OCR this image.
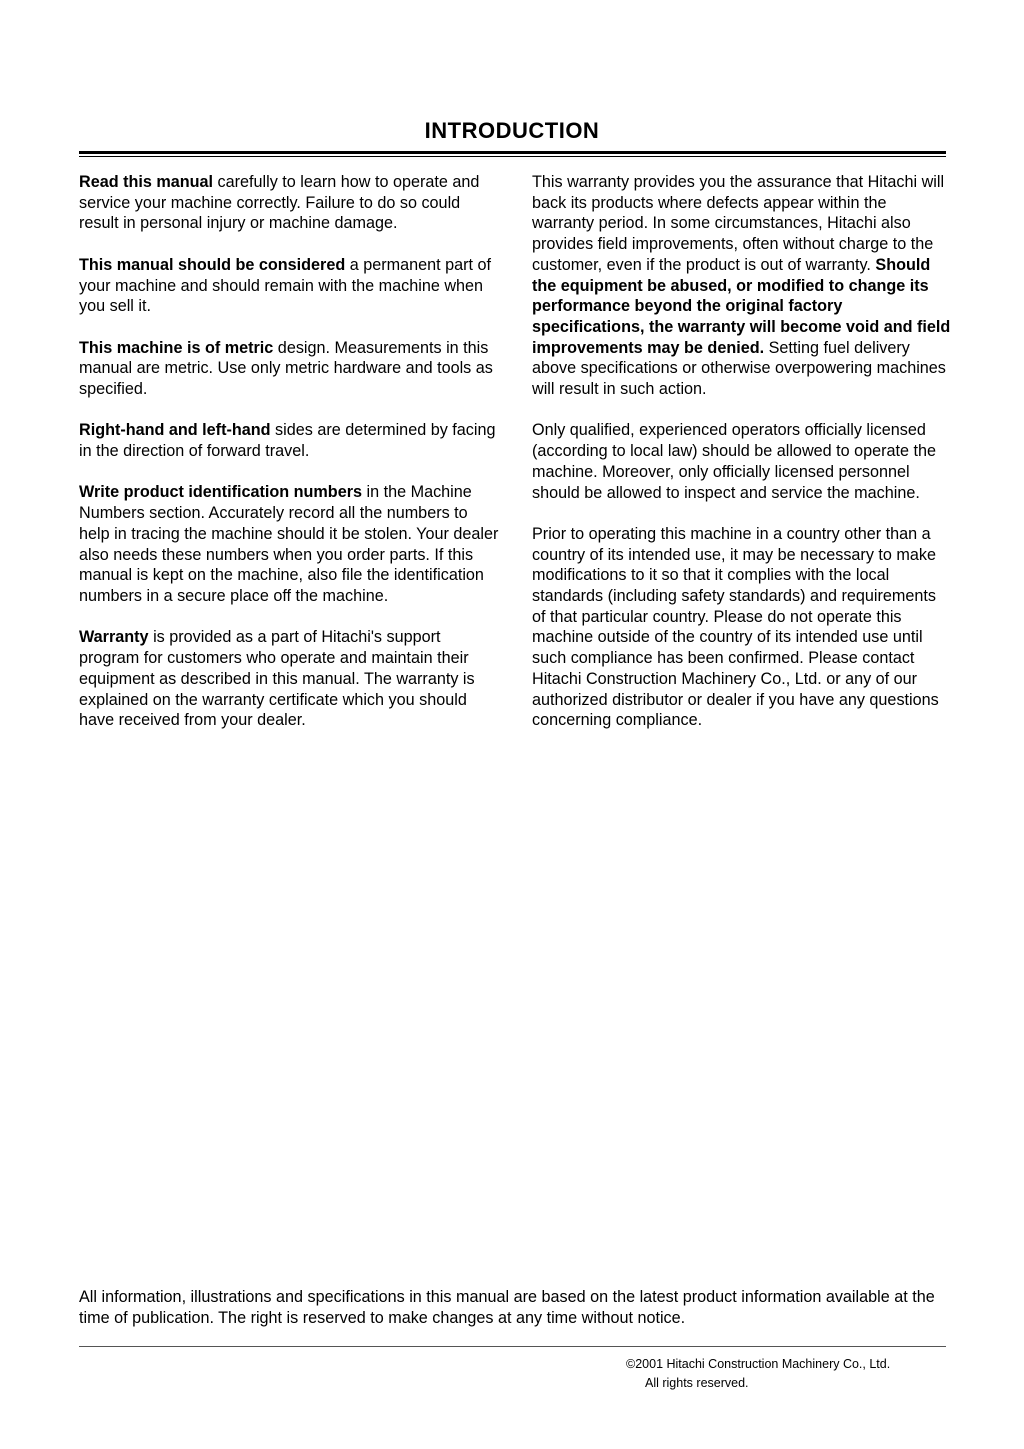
INTRODUCTION

Read this manual carefully to learn how to operate and service your machine correctly. Failure to do so could result in personal injury or machine damage.

This manual should be considered a permanent part of your machine and should remain with the machine when you sell it.

This machine is of metric design. Measurements in this manual are metric. Use only metric hardware and tools as specified.

Right-hand and left-hand sides are determined by facing in the direction of forward travel.

Write product identification numbers in the Machine Numbers section. Accurately record all the numbers to help in tracing the machine should it be stolen. Your dealer also needs these numbers when you order parts. If this manual is kept on the machine, also file the identification numbers in a secure place off the machine.

Warranty is provided as a part of Hitachi's support program for customers who operate and maintain their equipment as described in this manual. The warranty is explained on the warranty certificate which you should have received from your dealer.

This warranty provides you the assurance that Hitachi will back its products where defects appear within the warranty period. In some circumstances, Hitachi also provides field improvements, often without charge to the customer, even if the product is out of warranty. Should the equipment be abused, or modified to change its performance beyond the original factory specifications, the warranty will become void and field improvements may be denied. Setting fuel delivery above specifications or otherwise overpowering machines will result in such action.

Only qualified, experienced operators officially licensed (according to local law) should be allowed to operate the machine. Moreover, only officially licensed personnel should be allowed to inspect and service the machine.

Prior to operating this machine in a country other than a country of its intended use, it may be necessary to make modifications to it so that it complies with the local standards (including safety standards) and requirements of that particular country. Please do not operate this machine outside of the country of its intended use until such compliance has been confirmed. Please contact Hitachi Construction Machinery Co., Ltd. or any of our authorized distributor or dealer if you have any questions concerning compliance.

All information, illustrations and specifications in this manual are based on the latest product information available at the time of publication. The right is reserved to make changes at any time without notice.
©2001 Hitachi Construction Machinery Co., Ltd.
All rights reserved.
